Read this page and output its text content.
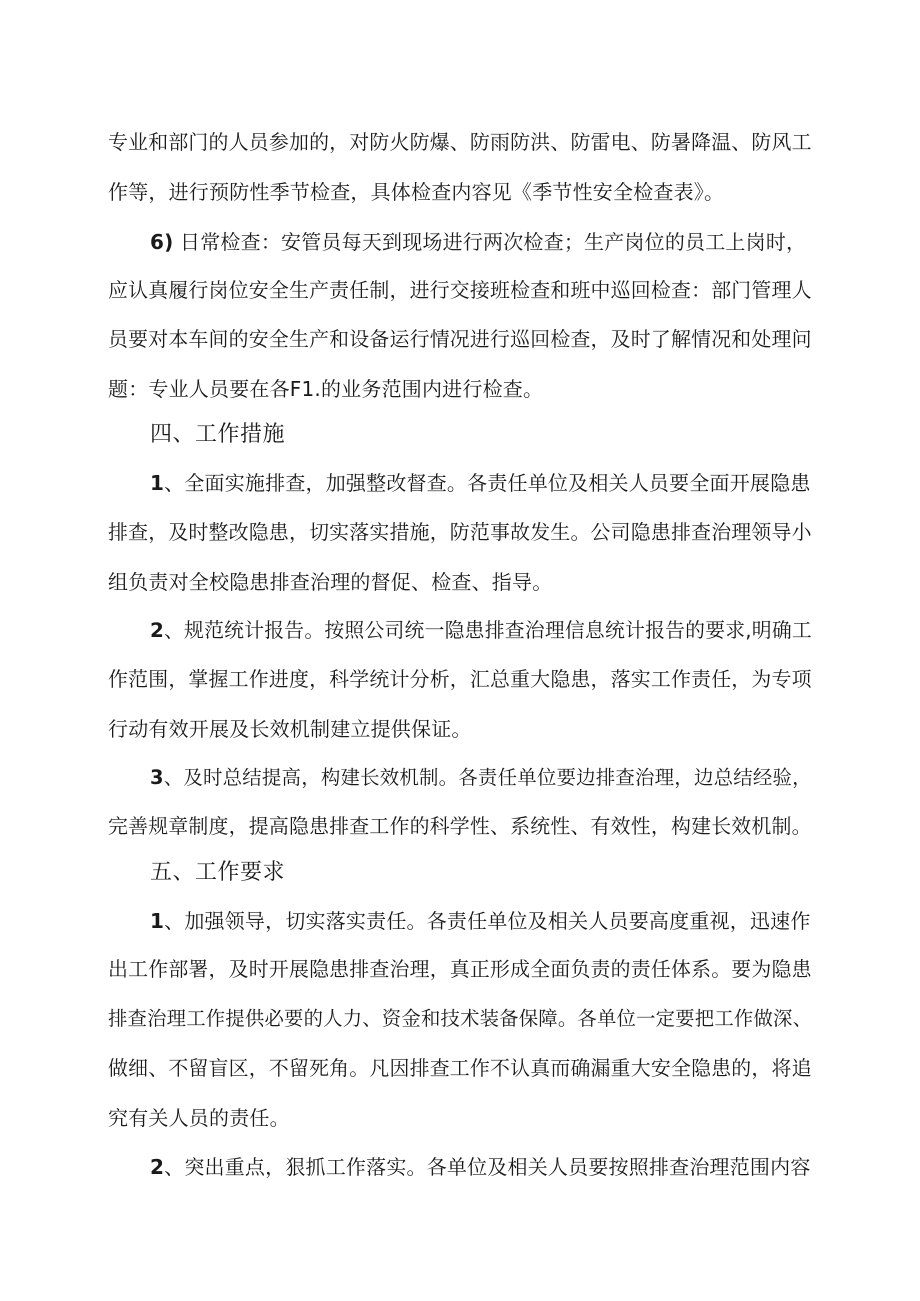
专业和部门的人员参加的，对防火防爆、防雨防洪、防雷电、防暑降温、防风工
作等，进行预防性季节检查，具体检查内容见《季节性安全检查表》。
6) 日常检查：安管员每天到现场进行两次检查；生产岗位的员工上岗时，
应认真履行岗位安全生产责任制，进行交接班检查和班中巡回检查：部门管理人
员要对本车间的安全生产和设备运行情况进行巡回检查，及时了解情况和处理问
题：专业人员要在各F1.的业务范围内进行检查。
四、工作措施
1、全面实施排查，加强整改督查。各责任单位及相关人员要全面开展隐患
排查，及时整改隐患，切实落实措施，防范事故发生。公司隐患排查治理领导小
组负责对全校隐患排查治理的督促、检查、指导。
2、规范统计报告。按照公司统一隐患排查治理信息统计报告的要求,明确工
作范围，掌握工作进度，科学统计分析，汇总重大隐患，落实工作责任，为专项
行动有效开展及长效机制建立提供保证。
3、及时总结提高，构建长效机制。各责任单位要边排查治理，边总结经验，
完善规章制度，提高隐患排查工作的科学性、系统性、有效性，构建长效机制。
五、工作要求
1、加强领导，切实落实责任。各责任单位及相关人员要高度重视，迅速作
出工作部署，及时开展隐患排查治理，真正形成全面负责的责任体系。要为隐患
排查治理工作提供必要的人力、资金和技术装备保障。各单位一定要把工作做深、
做细、不留盲区，不留死角。凡因排查工作不认真而确漏重大安全隐患的，将追
究有关人员的责任。
2、突出重点，狠抓工作落实。各单位及相关人员要按照排查治理范围内容
